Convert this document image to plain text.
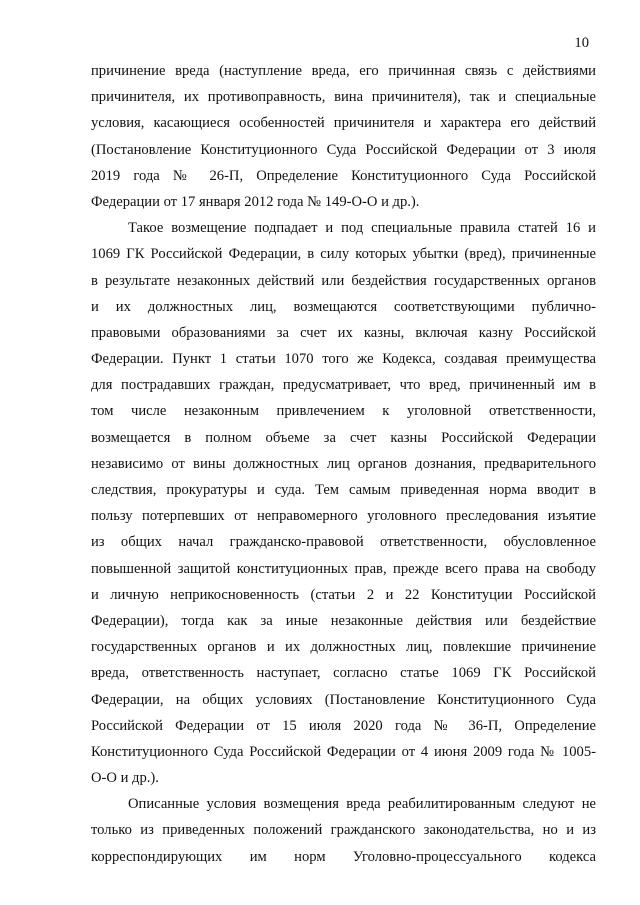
10
причинение вреда (наступление вреда, его причинная связь с действиями
причинителя, их противоправность, вина причинителя), так и специальные
условия, касающиеся особенностей причинителя и характера его действий
(Постановление Конституционного Суда Российской Федерации от 3 июля
2019 года № 26-П, Определение Конституционного Суда Российской
Федерации от 17 января 2012 года № 149-О-О и др.).
Такое возмещение подпадает и под специальные правила статей 16 и
1069 ГК Российской Федерации, в силу которых убытки (вред), причиненные
в результате незаконных действий или бездействия государственных органов
и их должностных лиц, возмещаются соответствующими публично-
правовыми образованиями за счет их казны, включая казну Российской
Федерации. Пункт 1 статьи 1070 того же Кодекса, создавая преимущества
для пострадавших граждан, предусматривает, что вред, причиненный им в
том числе незаконным привлечением к уголовной ответственности,
возмещается в полном объеме за счет казны Российской Федерации
независимо от вины должностных лиц органов дознания, предварительного
следствия, прокуратуры и суда. Тем самым приведенная норма вводит в
пользу потерпевших от неправомерного уголовного преследования изъятие
из общих начал гражданско-правовой ответственности, обусловленное
повышенной защитой конституционных прав, прежде всего права на свободу
и личную неприкосновенность (статьи 2 и 22 Конституции Российской
Федерации), тогда как за иные незаконные действия или бездействие
государственных органов и их должностных лиц, повлекшие причинение
вреда, ответственность наступает, согласно статье 1069 ГК Российской
Федерации, на общих условиях (Постановление Конституционного Суда
Российской Федерации от 15 июля 2020 года № 36-П, Определение
Конституционного Суда Российской Федерации от 4 июня 2009 года № 1005-
О-О и др.).
Описанные условия возмещения вреда реабилитированным следуют не
только из приведенных положений гражданского законодательства, но и из
корреспондирующих им норм Уголовно-процессуального кодекса
